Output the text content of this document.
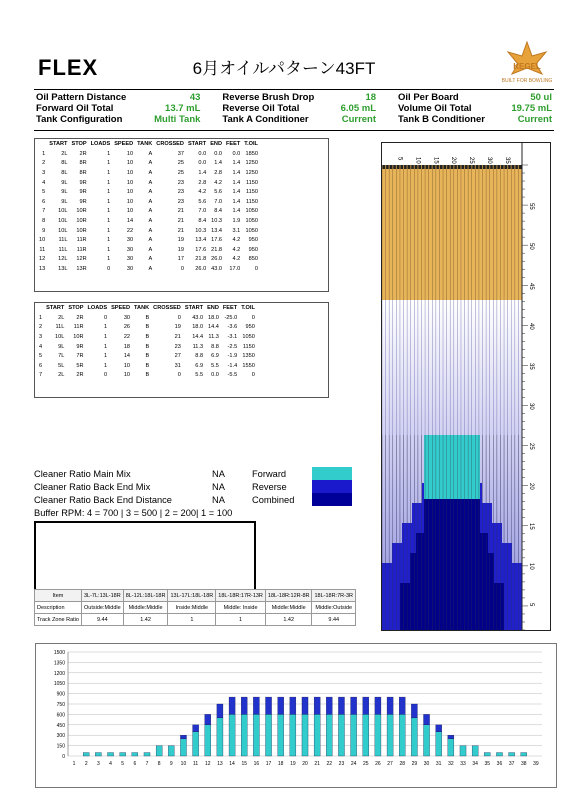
FLEX	6月オイルパターン43FT	KEGEL
BUILT FOR BOWLING
Oil Pattern Distance	43		Reverse Brush Drop	18		Oil Per Board	50 ul
Forward Oil Total	13.7 mL		Reverse Oil Total	6.05 mL		Volume Oil Total	19.75 mL
Tank Configuration	Multi Tank		Tank A Conditioner	Current		Tank B Conditioner	Current
	START	STOP	LOADS	SPEED	TANK	CROSSED	START	END	FEET	T.OIL
1	2L	2R	1	10	A	37	0.0	0.0	0.0	1850
2	8L	8R	1	10	A	25	0.0	1.4	1.4	1250
3	8L	8R	1	10	A	25	1.4	2.8	1.4	1250
4	9L	9R	1	10	A	23	2.8	4.2	1.4	1150
5	9L	9R	1	10	A	23	4.2	5.6	1.4	1150
6	9L	9R	1	10	A	23	5.6	7.0	1.4	1150
7	10L	10R	1	10	A	21	7.0	8.4	1.4	1050
8	10L	10R	1	14	A	21	8.4	10.3	1.9	1050
9	10L	10R	1	22	A	21	10.3	13.4	3.1	1050
10	11L	11R	1	30	A	19	13.4	17.6	4.2	950
11	11L	11R	1	30	A	19	17.6	21.8	4.2	950
12	12L	12R	1	30	A	17	21.8	26.0	4.2	850
13	13L	13R	0	30	A	0	26.0	43.0	17.0	0
	START	STOP	LOADS	SPEED	TANK	CROSSED	START	END	FEET	T.OIL
1	2L	2R	0	30	B	0	43.0	18.0	-25.0	0
2	11L	11R	1	26	B	19	18.0	14.4	-3.6	950
3	10L	10R	1	22	B	21	14.4	11.3	-3.1	1050
4	9L	9R	1	18	B	23	11.3	8.8	-2.5	1150
5	7L	7R	1	14	B	27	8.8	6.9	-1.9	1350
6	5L	5R	1	10	B	31	6.9	5.5	-1.4	1550
7	2L	2R	0	10	B	0	5.5	0.0	-5.5	0
Cleaner Ratio Main Mix	NA	Forward
Cleaner Ratio Back End Mix	NA	Reverse
Cleaner Ratio Back End Distance	NA	Combined
Buffer RPM: 4 = 700 | 3 = 500 | 2 = 200| 1 = 100
5 10 15 20 25 30 35
55
50
45
40
35
30
25
20
15
10
5
Item	3L-7L:13L-18R	8L-12L:18L-18R	13L-17L:18L-18R	18L-18R:17R-13R	18L-18R:12R-8R	18L-18R:7R-3R
Description	Outside:Middle	Middle:Middle	Inside:Middle	Middle: Inside	Middle:Middle	Middle:Outside
Track Zone Ratio	9.44	1.42	1	1	1.42	9.44
1500
1350
1200
1050
900
750
600
450
300
150
0
1 2 3 4 5 6 7 8 9 10 11 12 13 14 15 16 17 18 19 20 21 22 23 24 25 26 27 28 29 30 31 32 33 34 35 36 37 38 39
